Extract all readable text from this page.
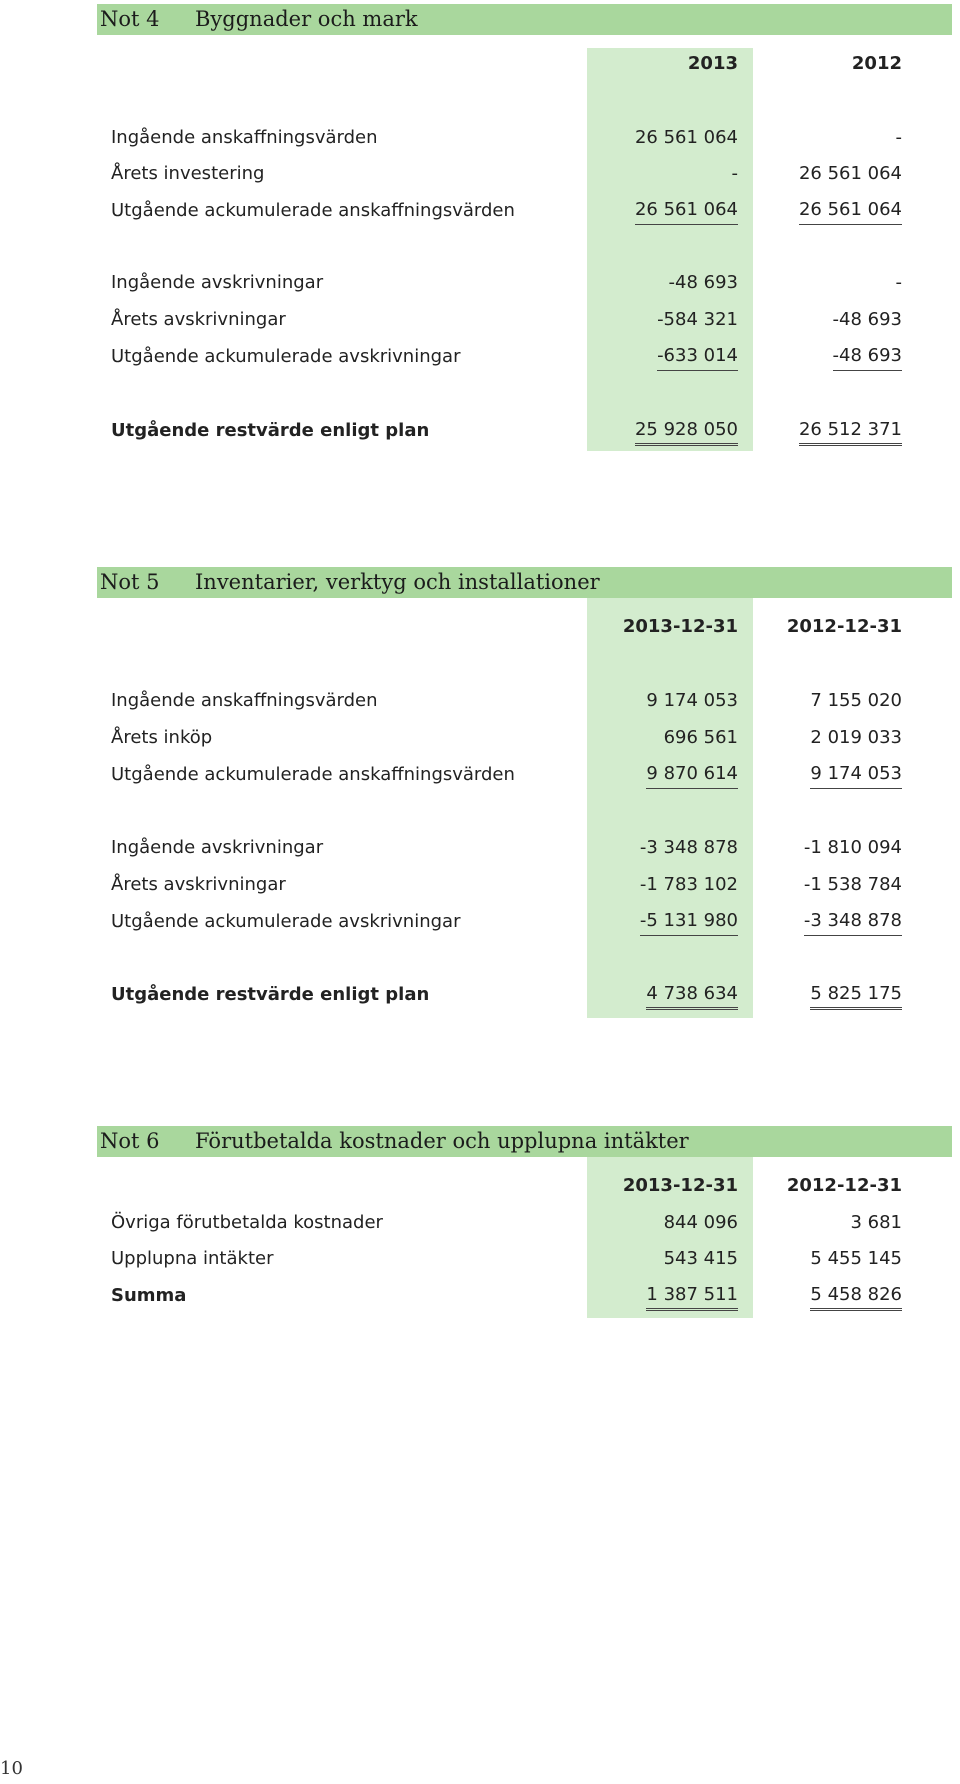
Not 4 Byggnader och mark
2013	2012
Ingående anskaffningsvärden	26 561 064	-
Årets investering	-	26 561 064
Utgående ackumulerade anskaffningsvärden	26 561 064	26 561 064
Ingående avskrivningar	-48 693	-
Årets avskrivningar	-584 321	-48 693
Utgående ackumulerade avskrivningar	-633 014	-48 693
Utgående restvärde enligt plan	25 928 050	26 512 371
Not 5 Inventarier, verktyg och installationer
2013-12-31	2012-12-31
Ingående anskaffningsvärden	9 174 053	7 155 020
Årets inköp	696 561	2 019 033
Utgående ackumulerade anskaffningsvärden	9 870 614	9 174 053
Ingående avskrivningar	-3 348 878	-1 810 094
Årets avskrivningar	-1 783 102	-1 538 784
Utgående ackumulerade avskrivningar	-5 131 980	-3 348 878
Utgående restvärde enligt plan	4 738 634	5 825 175
Not 6 Förutbetalda kostnader och upplupna intäkter
2013-12-31	2012-12-31
Övriga förutbetalda kostnader	844 096	3 681
Upplupna intäkter	543 415	5 455 145
Summa	1 387 511	5 458 826
10
